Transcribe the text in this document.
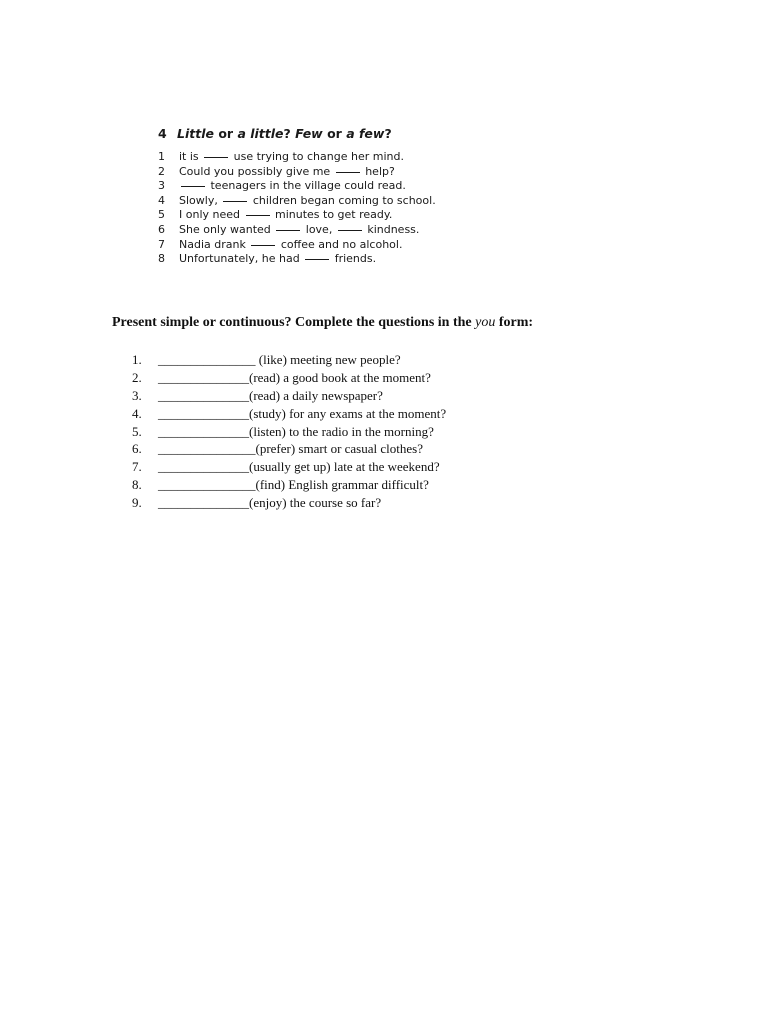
4 Little or a little? Few or a few?
1 it is	use trying to change her mind.
2 Could you possibly give me	help?
3	teenagers in the village could read.
4 Slowly,	children began coming to school.
5 I only need	minutes to get ready.
6 She only wanted	love,	kindness.
7 Nadia drank	coffee and no alcohol.
8 Unfortunately, he had	friends.
Present simple or continuous? Complete the questions in the you form:
1. _______________ (like) meeting new people?
2. ______________(read) a good book at the moment?
3. ______________(read) a daily newspaper?
4. ______________(study) for any exams at the moment?
5. ______________(listen) to the radio in the morning?
6. _______________(prefer) smart or casual clothes?
7. ______________(usually get up) late at the weekend?
8. _______________(find) English grammar difficult?
9. ______________(enjoy) the course so far?
